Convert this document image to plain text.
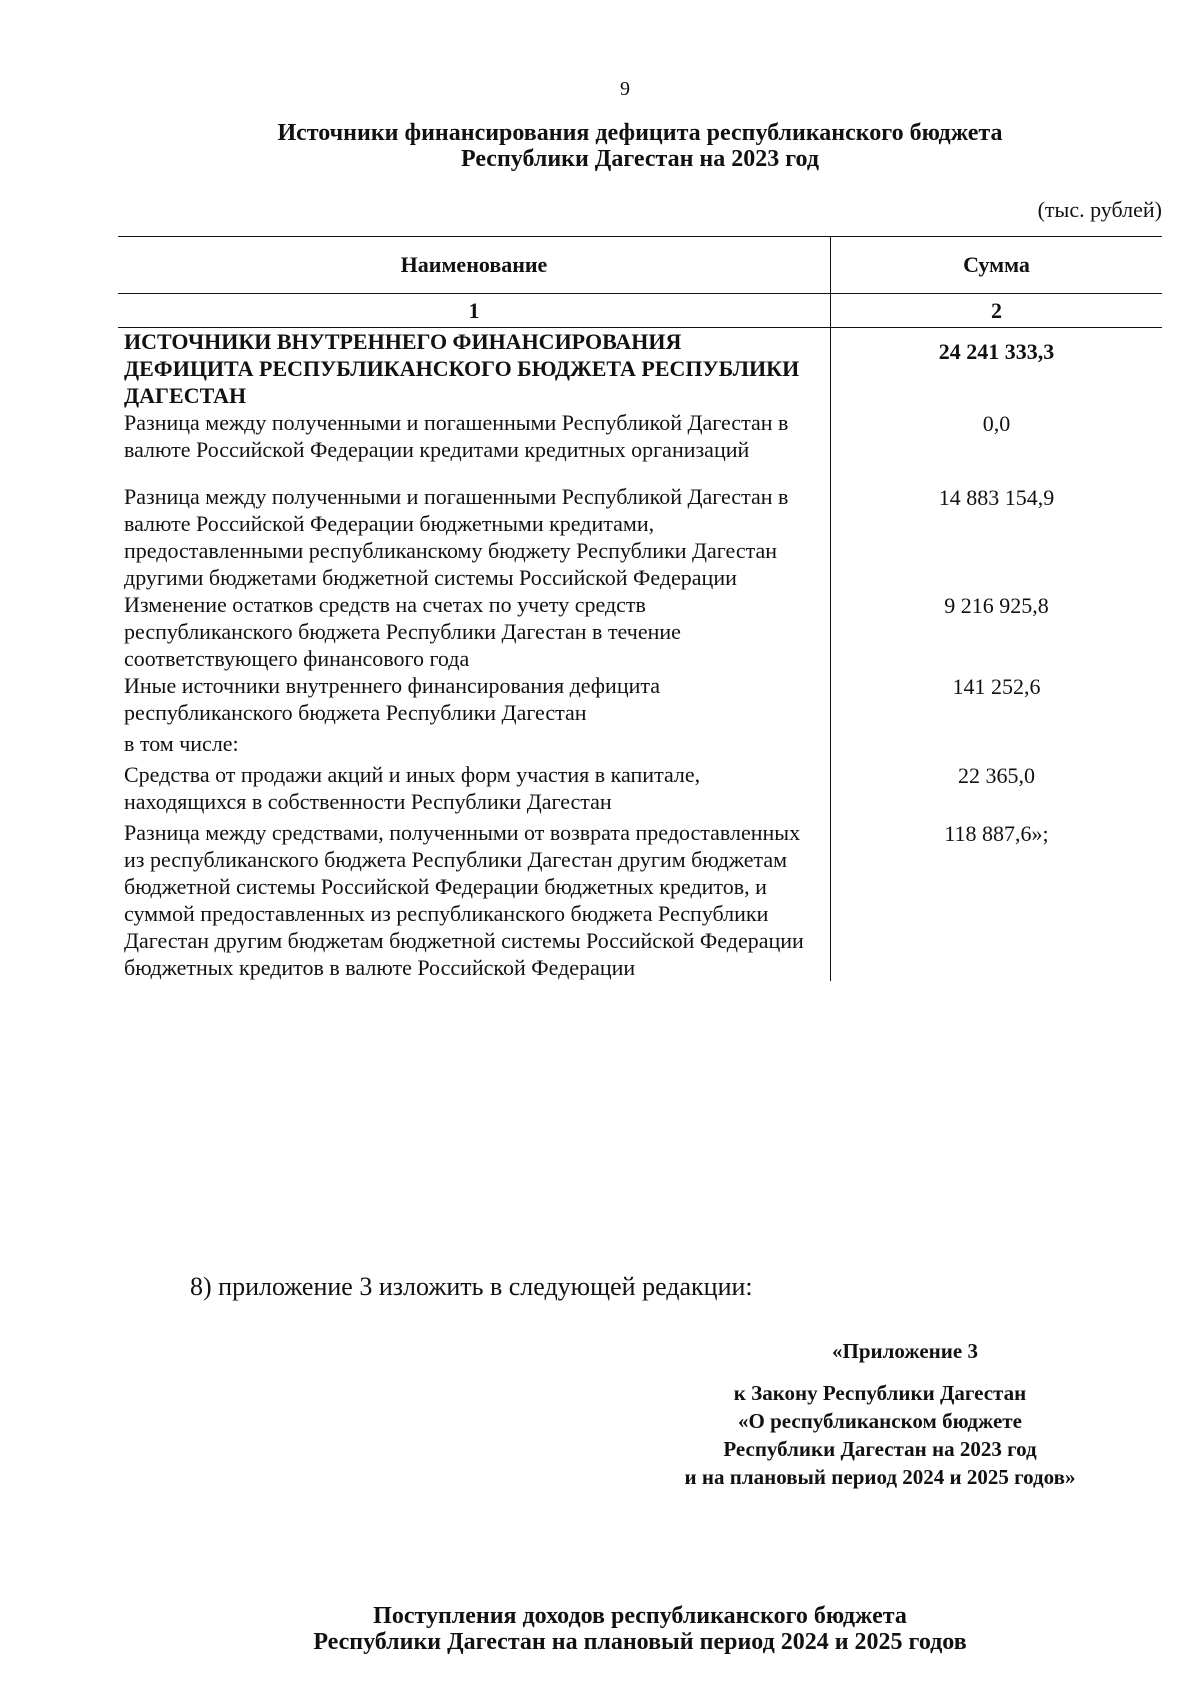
9
Источники финансирования дефицита республиканского бюджета
Республики Дагестан на 2023 год
(тыс. рублей)
Наименование	Сумма
1	2
ИСТОЧНИКИ ВНУТРЕННЕГО ФИНАНСИРОВАНИЯ ДЕФИЦИТА РЕСПУБЛИКАНСКОГО БЮДЖЕТА РЕСПУБЛИКИ ДАГЕСТАН	24 241 333,3
Разница между полученными и погашенными Республикой Дагестан в валюте Российской Федерации кредитами кредитных организаций	0,0
Разница между полученными и погашенными Республикой Дагестан в валюте Российской Федерации бюджетными кредитами, предоставленными республиканскому бюджету Республики Дагестан другими бюджетами бюджетной системы Российской Федерации	14 883 154,9
Изменение остатков средств на счетах по учету средств республиканского бюджета Республики Дагестан в течение соответствующего финансового года	9 216 925,8
Иные источники внутреннего финансирования дефицита республиканского бюджета Республики Дагестан	141 252,6
в том числе:	
Средства от продажи акций и иных форм участия в капитале, находящихся в собственности Республики Дагестан	22 365,0
Разница между средствами, полученными от возврата предоставленных из республиканского бюджета Республики Дагестан другим бюджетам бюджетной системы Российской Федерации бюджетных кредитов, и суммой предоставленных из республиканского бюджета Республики Дагестан другим бюджетам бюджетной системы Российской Федерации бюджетных кредитов в валюте Российской Федерации	118 887,6»;
8) приложение 3 изложить в следующей редакции:
«Приложение 3
к Закону Республики Дагестан
«О республиканском бюджете
Республики Дагестан на 2023 год
и на плановый период 2024 и 2025 годов»
Поступления доходов республиканского бюджета
Республики Дагестан на плановый период 2024 и 2025 годов
